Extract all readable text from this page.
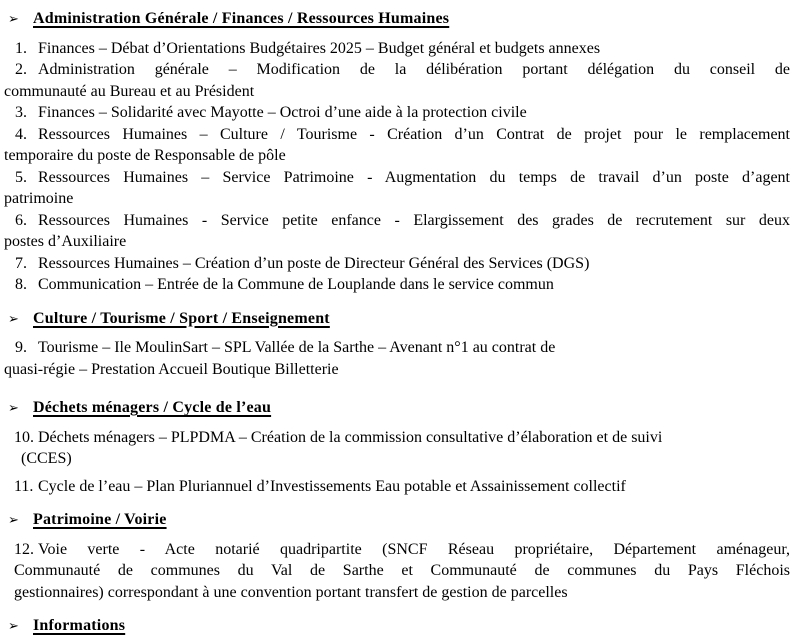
➢ Administration Générale / Finances / Ressources Humaines
1. Finances – Débat d’Orientations Budgétaires 2025 – Budget général et budgets annexes
2. Administration générale – Modification de la délibération portant délégation du conseil de
communauté au Bureau et au Président
3. Finances – Solidarité avec Mayotte – Octroi d’une aide à la protection civile
4. Ressources Humaines – Culture / Tourisme - Création d’un Contrat de projet pour le remplacement
temporaire du poste de Responsable de pôle
5. Ressources Humaines – Service Patrimoine - Augmentation du temps de travail d’un poste d’agent
patrimoine
6. Ressources Humaines - Service petite enfance - Elargissement des grades de recrutement sur deux
postes d’Auxiliaire
7. Ressources Humaines – Création d’un poste de Directeur Général des Services (DGS)
8. Communication – Entrée de la Commune de Louplande dans le service commun
➢ Culture / Tourisme / Sport / Enseignement
9. Tourisme – Ile MoulinSart – SPL Vallée de la Sarthe – Avenant n°1 au contrat de
quasi-régie – Prestation Accueil Boutique Billetterie
➢ Déchets ménagers / Cycle de l’eau
10. Déchets ménagers – PLPDMA – Création de la commission consultative d’élaboration et de suivi
(CCES)
11. Cycle de l’eau – Plan Pluriannuel d’Investissements Eau potable et Assainissement collectif
➢ Patrimoine / Voirie
12. Voie verte - Acte notarié quadripartite (SNCF Réseau propriétaire, Département aménageur,
Communauté de communes du Val de Sarthe et Communauté de communes du Pays Fléchois
gestionnaires) correspondant à une convention portant transfert de gestion de parcelles
➢ Informations
